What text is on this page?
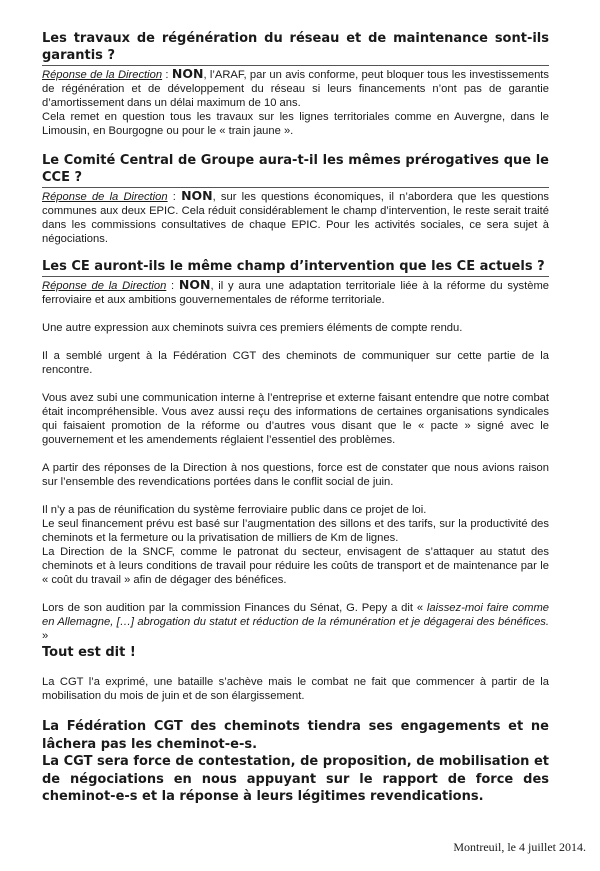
Les travaux de régénération du réseau et de maintenance sont-ils garantis ?

Réponse de la Direction : NON, l’ARAF, par un avis conforme, peut bloquer tous les investissements de régénération et de développement du réseau si leurs financements n’ont pas de garantie d’amortissement dans un délai maximum de 10 ans.

Cela remet en question tous les travaux sur les lignes territoriales comme en Auvergne, dans le Limousin, en Bourgogne ou pour le « train jaune ».

Le Comité Central de Groupe aura-t-il les mêmes prérogatives que le CCE ?

Réponse de la Direction : NON, sur les questions économiques, il n’abordera que les questions communes aux deux EPIC. Cela réduit considérablement le champ d’intervention, le reste serait traité dans les commissions consultatives de chaque EPIC. Pour les activités sociales, ce sera sujet à négociations.

Les CE auront-ils le même champ d’intervention que les CE actuels ?

Réponse de la Direction : NON, il y aura une adaptation territoriale liée à la réforme du système ferroviaire et aux ambitions gouvernementales de réforme territoriale.

Une autre expression aux cheminots suivra ces premiers éléments de compte rendu.

Il a semblé urgent à la Fédération CGT des cheminots de communiquer sur cette partie de la rencontre.

Vous avez subi une communication interne à l’entreprise et externe faisant entendre que notre combat était incompréhensible. Vous avez aussi reçu des informations de certaines organisations syndicales qui faisaient promotion de la réforme ou d’autres vous disant que le « pacte » signé avec le gouvernement et les amendements réglaient l’essentiel des problèmes.

A partir des réponses de la Direction à nos questions, force est de constater que nous avions raison sur l’ensemble des revendications portées dans le conflit social de juin.

Il n’y a pas de réunification du système ferroviaire public dans ce projet de loi.

Le seul financement prévu est basé sur l’augmentation des sillons et des tarifs, sur la productivité des cheminots et la fermeture ou la privatisation de milliers de Km de lignes.

La Direction de la SNCF, comme le patronat du secteur, envisagent de s’attaquer au statut des cheminots et à leurs conditions de travail pour réduire les coûts de transport et de maintenance par le « coût du travail » afin de dégager des bénéfices.

Lors de son audition par la commission Finances du Sénat, G. Pepy a dit « laissez-moi faire comme en Allemagne, […] abrogation du statut et réduction de la rémunération et je dégagerai des bénéfices. »

Tout est dit !

La CGT l’a exprimé, une bataille s’achève mais le combat ne fait que commencer à partir de la mobilisation du mois de juin et de son élargissement.

La Fédération CGT des cheminots tiendra ses engagements et ne lâchera pas les cheminot-e-s.

La CGT sera force de contestation, de proposition, de mobilisation et de négociations en nous appuyant sur le rapport de force des cheminot-e-s et la réponse à leurs légitimes revendications.

Montreuil, le 4 juillet 2014.
